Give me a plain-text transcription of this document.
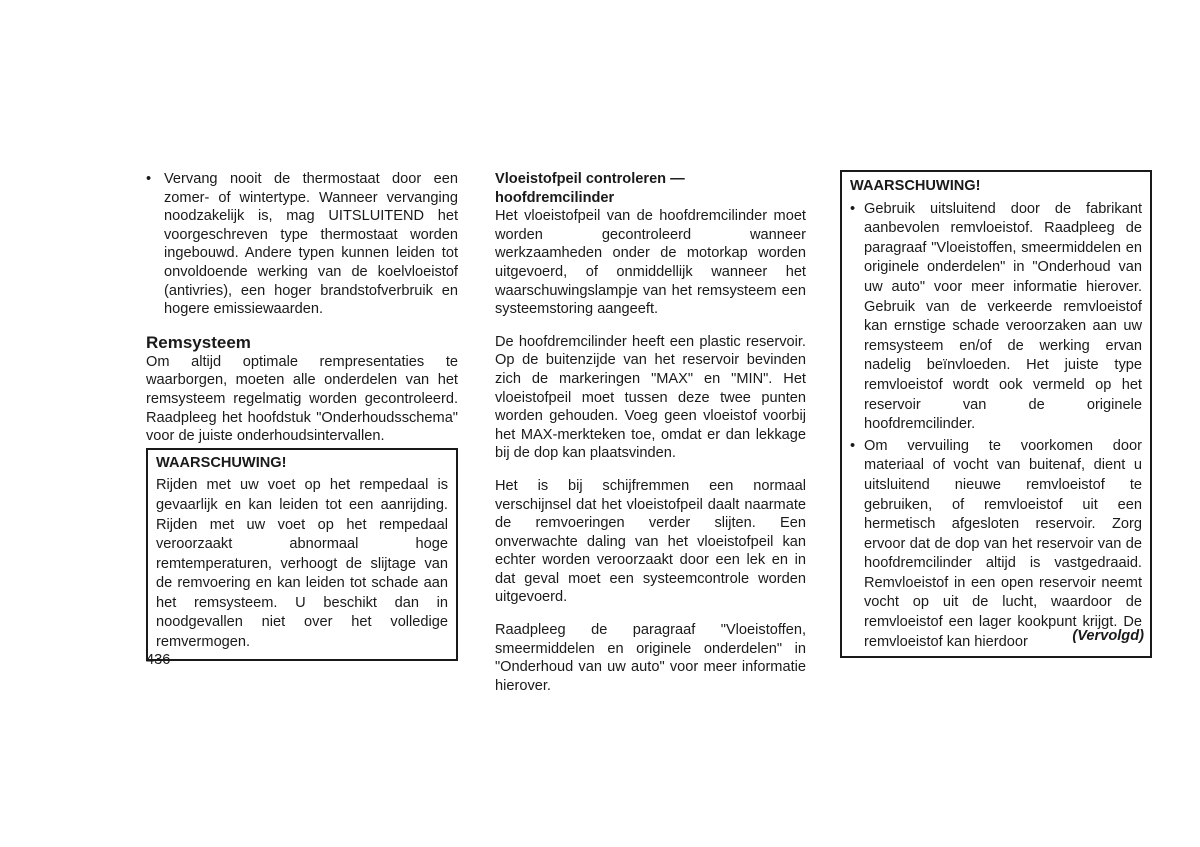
• Vervang nooit de thermostaat door een zomer- of wintertype. Wanneer vervanging noodzakelijk is, mag UITSLUITEND het voorgeschreven type thermostaat worden ingebouwd. Andere typen kunnen leiden tot onvoldoende werking van de koelvloeistof (antivries), een hoger brandstofverbruik en hogere emissiewaarden.
Remsysteem

Om altijd optimale rempresentaties te waarborgen, moeten alle onderdelen van het remsysteem regelmatig worden gecontroleerd. Raadpleeg het hoofdstuk "Onderhoudsschema" voor de juiste onderhoudsintervallen.

WAARSCHUWING!

Rijden met uw voet op het rempedaal is gevaarlijk en kan leiden tot een aanrijding. Rijden met uw voet op het rempedaal veroorzaakt abnormaal hoge remtemperaturen, verhoogt de slijtage van de remvoering en kan leiden tot schade aan het remsysteem. U beschikt dan in noodgevallen niet over het volledige remvermogen.

Vloeistofpeil controleren — hoofdremcilinder

Het vloeistofpeil van de hoofdremcilinder moet worden gecontroleerd wanneer werkzaamheden onder de motorkap worden uitgevoerd, of onmiddellijk wanneer het waarschuwingslampje van het remsysteem een systeemstoring aangeeft.

De hoofdremcilinder heeft een plastic reservoir. Op de buitenzijde van het reservoir bevinden zich de markeringen "MAX" en "MIN". Het vloeistofpeil moet tussen deze twee punten worden gehouden. Voeg geen vloeistof voorbij het MAX-merkteken toe, omdat er dan lekkage bij de dop kan plaatsvinden.

Het is bij schijfremmen een normaal verschijnsel dat het vloeistofpeil daalt naarmate de remvoeringen verder slijten. Een onverwachte daling van het vloeistofpeil kan echter worden veroorzaakt door een lek en in dat geval moet een systeemcontrole worden uitgevoerd.

Raadpleeg de paragraaf "Vloeistoffen, smeermiddelen en originele onderdelen" in "Onderhoud van uw auto" voor meer informatie hierover.

WAARSCHUWING!
• Gebruik uitsluitend door de fabrikant aanbevolen remvloeistof. Raadpleeg de paragraaf "Vloeistoffen, smeermiddelen en originele onderdelen" in "Onderhoud van uw auto" voor meer informatie hierover. Gebruik van de verkeerde remvloeistof kan ernstige schade veroorzaken aan uw remsysteem en/of de werking ervan nadelig beïnvloeden. Het juiste type remvloeistof wordt ook vermeld op het reservoir van de originele hoofdremcilinder.
• Om vervuiling te voorkomen door materiaal of vocht van buitenaf, dient u uitsluitend nieuwe remvloeistof te gebruiken, of remvloeistof uit een hermetisch afgesloten reservoir. Zorg ervoor dat de dop van het reservoir van de hoofdremcilinder altijd is vastgedraaid. Remvloeistof in een open reservoir neemt vocht op uit de lucht, waardoor de remvloeistof een lager kookpunt krijgt. De remvloeistof kan hierdoor	(Vervolgd)
436
